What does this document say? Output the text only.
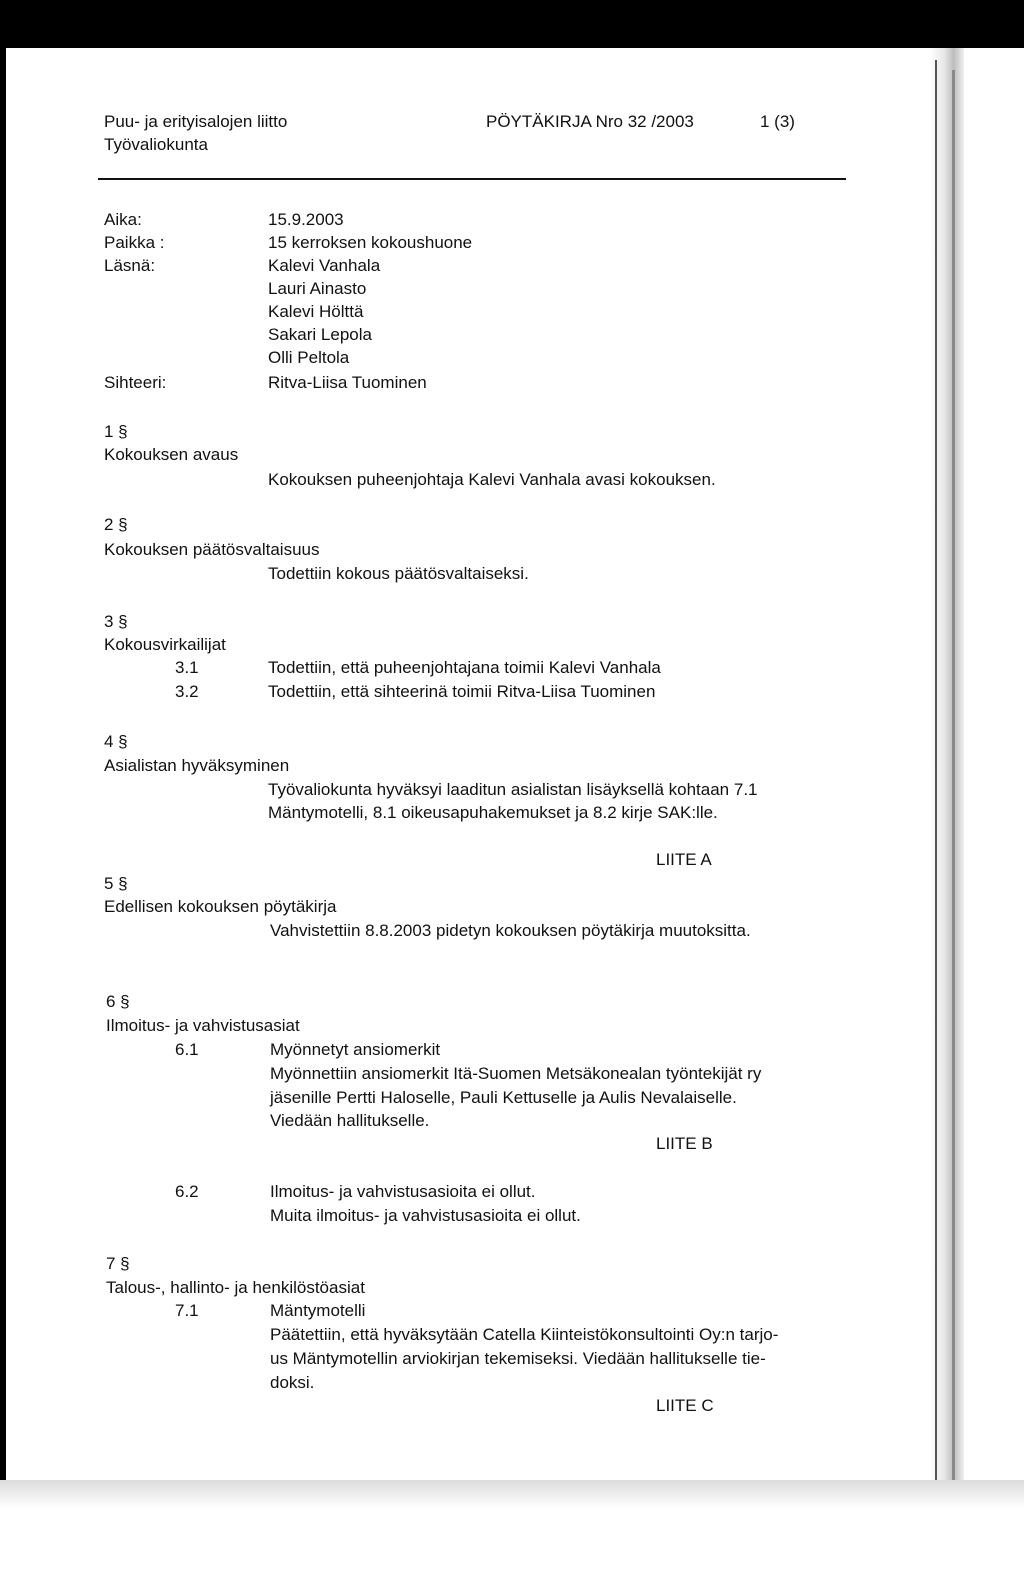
Puu- ja erityisalojen liitto
Työvaliokunta
PÖYTÄKIRJA Nro 32 /2003	1 (3)
Aika:	15.9.2003
Paikka :	15 kerroksen kokoushuone
Läsnä:	Kalevi Vanhala
Lauri Ainasto
Kalevi Hölttä
Sakari Lepola
Olli Peltola
Sihteeri:	Ritva-Liisa Tuominen
1 §
Kokouksen avaus
Kokouksen puheenjohtaja Kalevi Vanhala avasi kokouksen.
2 §
Kokouksen päätösvaltaisuus
Todettiin kokous päätösvaltaiseksi.
3 §
Kokousvirkailijat
3.1	Todettiin, että puheenjohtajana toimii Kalevi Vanhala
3.2	Todettiin, että sihteerinä toimii Ritva-Liisa Tuominen
4 §
Asialistan hyväksyminen
Työvaliokunta hyväksyi laaditun asialistan lisäyksellä kohtaan 7.1
Mäntymotelli, 8.1 oikeusapuhakemukset ja 8.2 kirje SAK:lle.
LIITE A
5 §
Edellisen kokouksen pöytäkirja
Vahvistettiin 8.8.2003 pidetyn kokouksen pöytäkirja muutoksitta.
6 §
Ilmoitus- ja vahvistusasiat
6.1	Myönnetyt ansiomerkit
Myönnettiin ansiomerkit Itä-Suomen Metsäkonealan työntekijät ry
jäsenille Pertti Haloselle, Pauli Kettuselle ja Aulis Nevalaiselle.
Viedään hallitukselle.
LIITE B
6.2	Ilmoitus- ja vahvistusasioita ei ollut.
Muita ilmoitus- ja vahvistusasioita ei ollut.
7 §
Talous-, hallinto- ja henkilöstöasiat
7.1	Mäntymotelli
Päätettiin, että hyväksytään Catella Kiinteistökonsultointi Oy:n tarjo-
us Mäntymotellin arviokirjan tekemiseksi. Viedään hallitukselle tie-
doksi.
LIITE C
